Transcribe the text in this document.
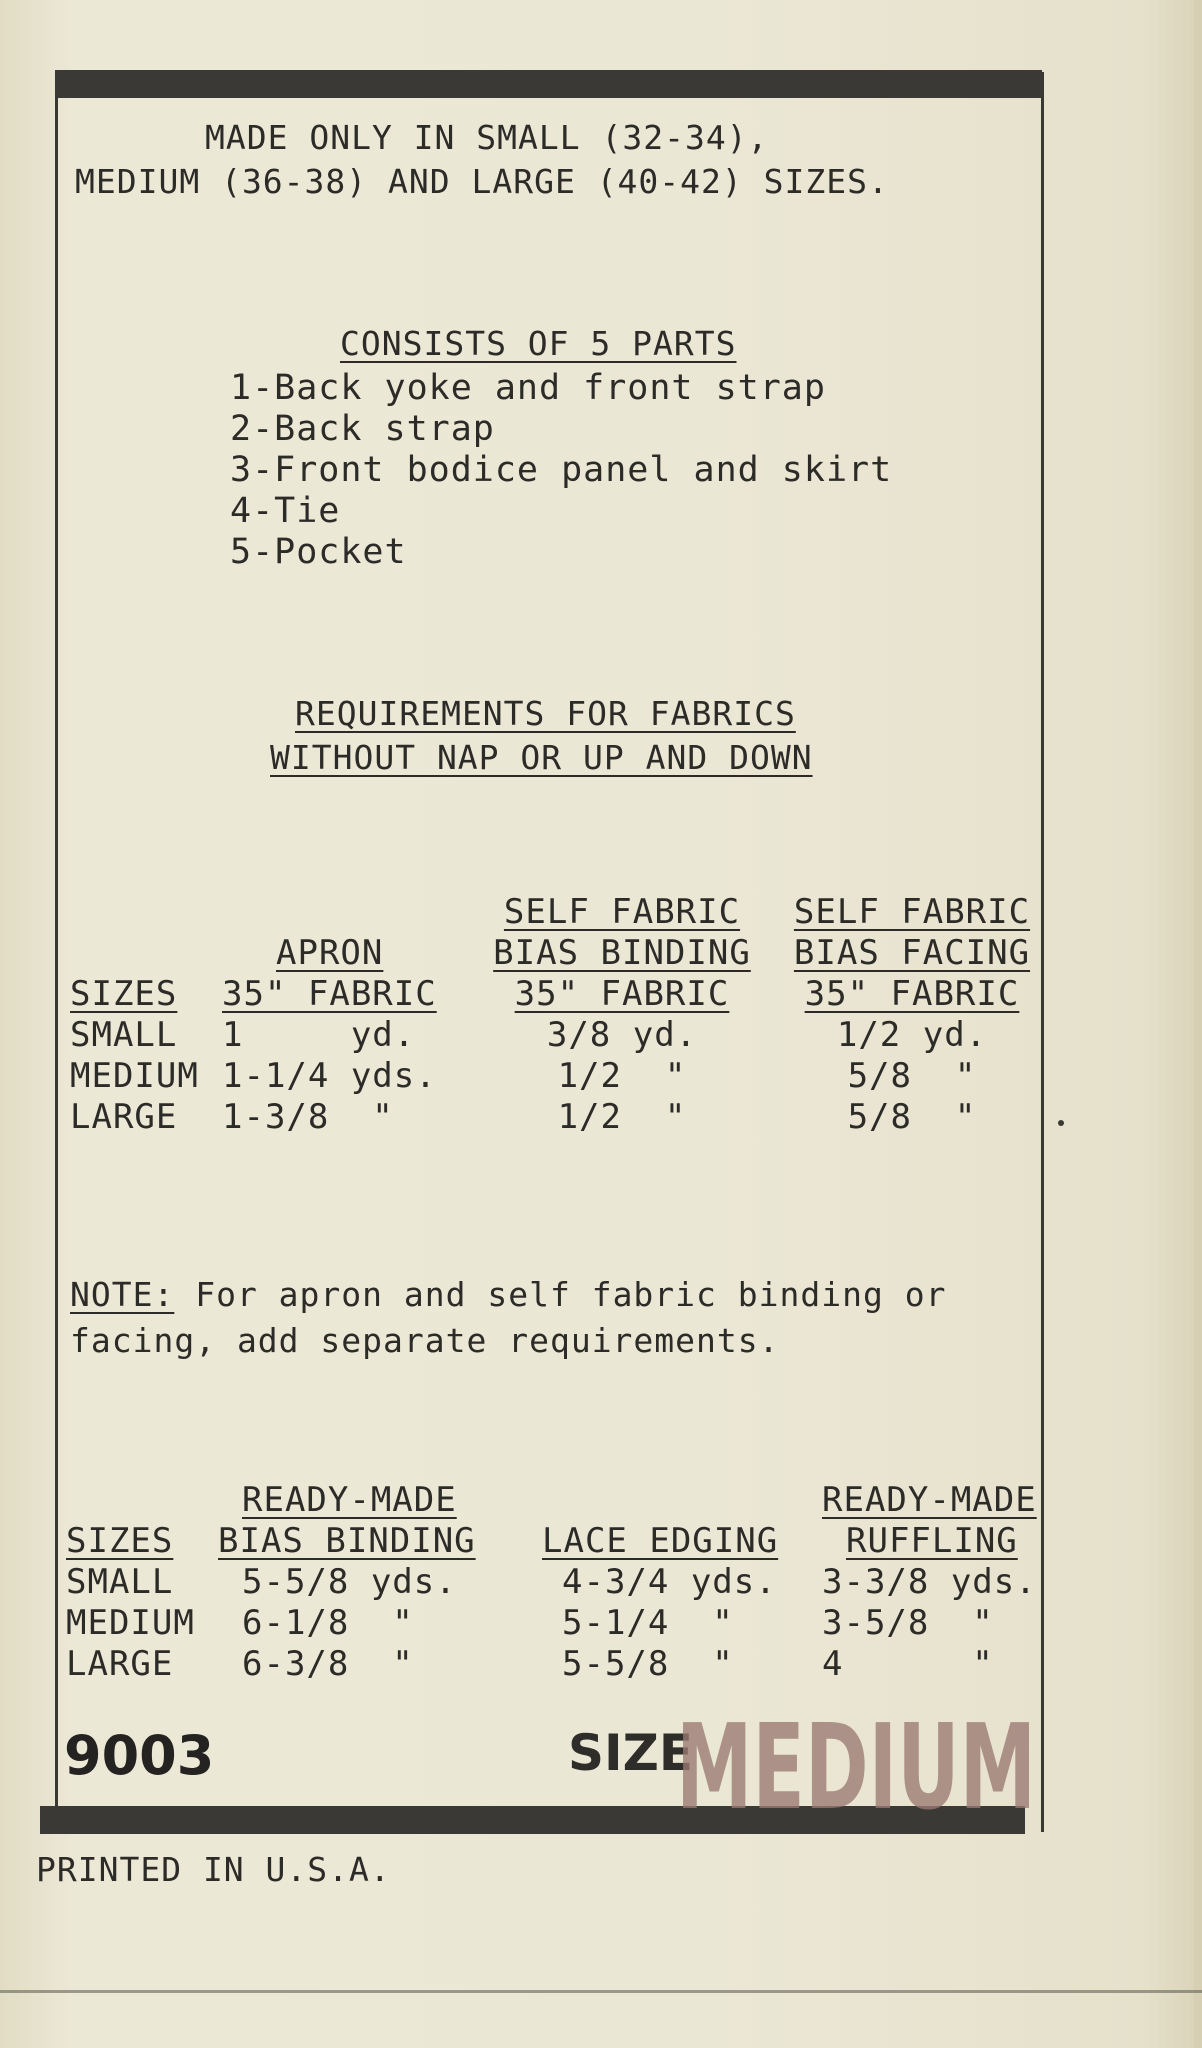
MADE ONLY IN SMALL (32-34),
MEDIUM (36-38) AND LARGE (40-42) SIZES.
CONSISTS OF 5 PARTS
1-Back yoke and front strap
2-Back strap
3-Front bodice panel and skirt
4-Tie
5-Pocket
REQUIREMENTS FOR FABRICS
WITHOUT NAP OR UP AND DOWN
		SELF FABRIC	SELF FABRIC
	APRON	BIAS BINDING	BIAS FACING
SIZES	35" FABRIC	35" FABRIC	35" FABRIC
SMALL	1     yd.	3/8 yd.	1/2 yd.
MEDIUM	1-1/4 yds.	1/2  "	5/8  "
LARGE	1-3/8  "	1/2  "	5/8  "
NOTE: For apron and self fabric binding or
facing, add separate requirements.
	READY-MADE		READY-MADE
SIZES	BIAS BINDING	LACE EDGING	RUFFLING
SMALL	5-5/8 yds.	4-3/4 yds.	3-3/8 yds.
MEDIUM	6-1/8  "	5-1/4  "	3-5/8  "
LARGE	6-3/8  "	5-5/8  "	4      "
9003	SIZE
MEDIUM
PRINTED IN U.S.A.
